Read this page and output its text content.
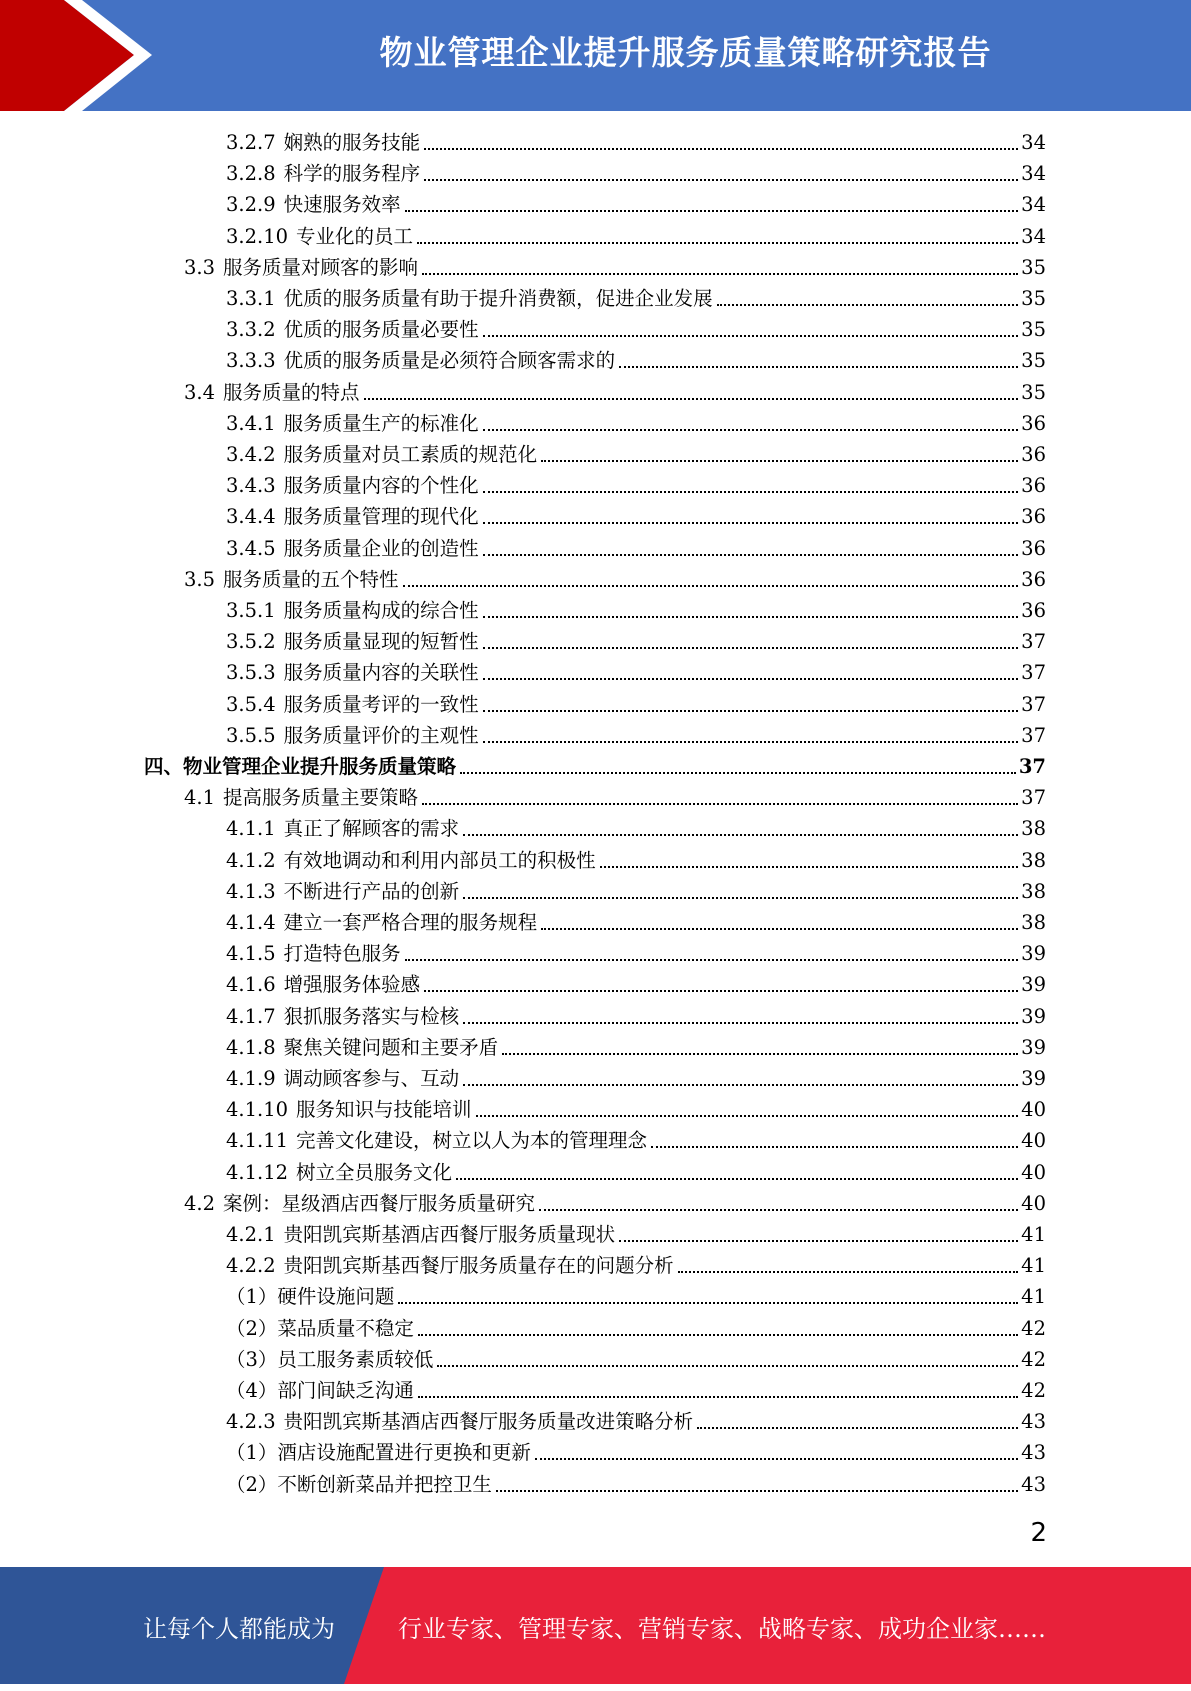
物业管理企业提升服务质量策略研究报告
3.2.7 娴熟的服务技能	34
3.2.8 科学的服务程序	34
3.2.9 快速服务效率	34
3.2.10 专业化的员工	34
3.3 服务质量对顾客的影响	35
3.3.1 优质的服务质量有助于提升消费额，促进企业发展	35
3.3.2 优质的服务质量必要性	35
3.3.3 优质的服务质量是必须符合顾客需求的	35
3.4 服务质量的特点	35
3.4.1 服务质量生产的标准化	36
3.4.2 服务质量对员工素质的规范化	36
3.4.3 服务质量内容的个性化	36
3.4.4 服务质量管理的现代化	36
3.4.5 服务质量企业的创造性	36
3.5 服务质量的五个特性	36
3.5.1 服务质量构成的综合性	36
3.5.2 服务质量显现的短暂性	37
3.5.3 服务质量内容的关联性	37
3.5.4 服务质量考评的一致性	37
3.5.5 服务质量评价的主观性	37
四、物业管理企业提升服务质量策略	37
4.1 提高服务质量主要策略	37
4.1.1 真正了解顾客的需求	38
4.1.2 有效地调动和利用内部员工的积极性	38
4.1.3 不断进行产品的创新	38
4.1.4 建立一套严格合理的服务规程	38
4.1.5 打造特色服务	39
4.1.6 增强服务体验感	39
4.1.7 狠抓服务落实与检核	39
4.1.8 聚焦关键问题和主要矛盾	39
4.1.9 调动顾客参与、互动	39
4.1.10 服务知识与技能培训	40
4.1.11 完善文化建设，树立以人为本的管理理念	40
4.1.12 树立全员服务文化	40
4.2 案例：星级酒店西餐厅服务质量研究	40
4.2.1 贵阳凯宾斯基酒店西餐厅服务质量现状	41
4.2.2 贵阳凯宾斯基西餐厅服务质量存在的问题分析	41
（1）硬件设施问题	41
（2）菜品质量不稳定	42
（3）员工服务素质较低	42
（4）部门间缺乏沟通	42
4.2.3 贵阳凯宾斯基酒店西餐厅服务质量改进策略分析	43
（1）酒店设施配置进行更换和更新	43
（2）不断创新菜品并把控卫生	43
2
让每个人都能成为	行业专家、管理专家、营销专家、战略专家、成功企业家……
